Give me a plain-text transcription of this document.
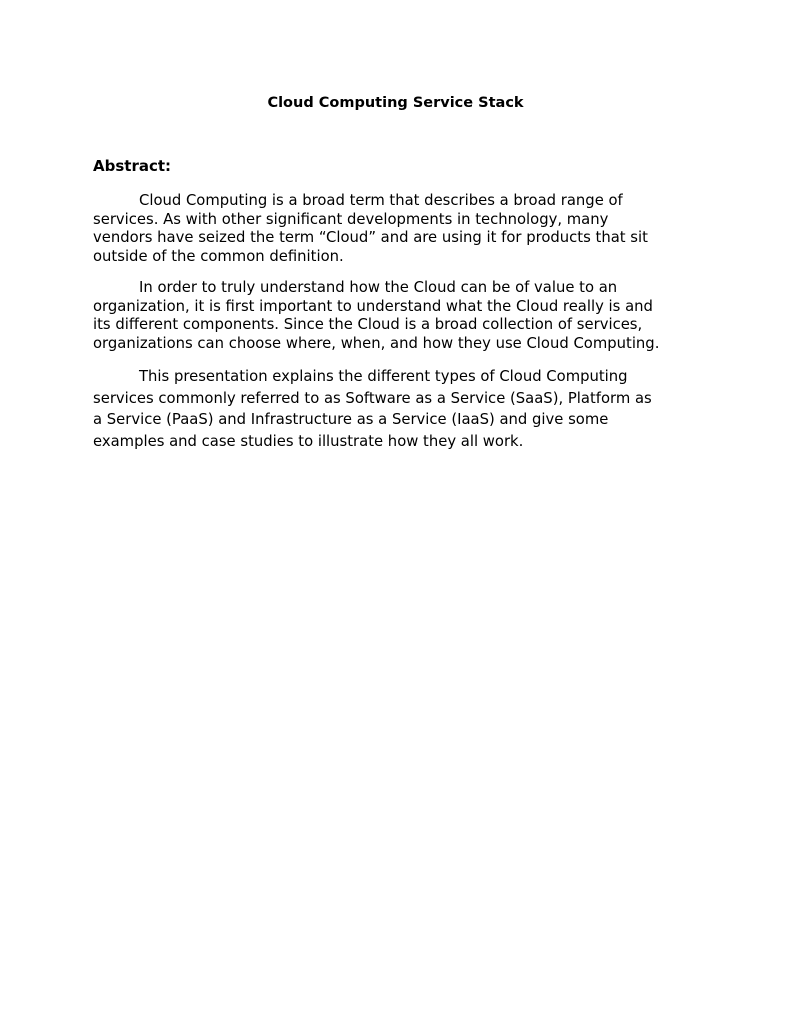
Cloud Computing Service Stack
Abstract:

Cloud Computing is a broad term that describes a broad range of
services. As with other significant developments in technology, many
vendors have seized the term “Cloud” and are using it for products that sit
outside of the common definition.

In order to truly understand how the Cloud can be of value to an
organization, it is first important to understand what the Cloud really is and
its different components. Since the Cloud is a broad collection of services,
organizations can choose where, when, and how they use Cloud Computing.

This presentation explains the different types of Cloud Computing
services commonly referred to as Software as a Service (SaaS), Platform as
a Service (PaaS) and Infrastructure as a Service (IaaS) and give some
examples and case studies to illustrate how they all work.
